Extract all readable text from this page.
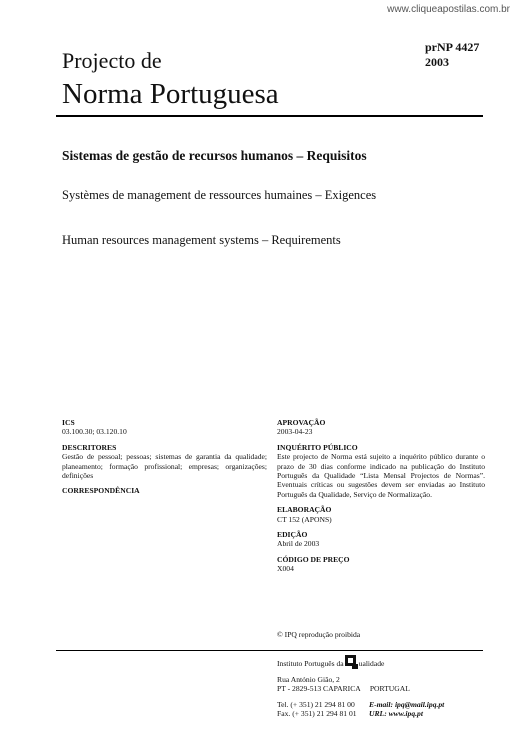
www.cliqueapostilas.com.br
Projecto de
Norma Portuguesa
prNP 4427
2003
Sistemas de gestão de recursos humanos – Requisitos
Systèmes de management de ressources humaines – Exigences
Human resources management systems – Requirements
ICS
03.100.30; 03.120.10
DESCRITORES
Gestão de pessoal; pessoas; sistemas de garantia da qualidade; planeamento; formação profissional; empresas; organizações; definições
CORRESPONDÊNCIA
APROVAÇÃO
2003-04-23
INQUÉRITO PÚBLICO
Este projecto de Norma está sujeito a inquérito público durante o prazo de 30 dias conforme indicado na publicação do Instituto Português da Qualidade “Lista Mensal Projectos de Normas”. Eventuais críticas ou sugestões devem ser enviadas ao Instituto Português da Qualidade, Serviço de Normalização.
ELABORAÇÃO
CT 152 (APONS)
EDIÇÃO
Abril de 2003
CÓDIGO DE PREÇO
X004
© IPQ reprodução proibida
Instituto Português da ualidade
Rua António Gião, 2
PT - 2829-513 CAPARICA     PORTUGAL
Tel. (+ 351) 21 294 81 00	E-mail: ipq@mail.ipq.pt
Fax. (+ 351) 21 294 81 01	URL: www.ipq.pt
